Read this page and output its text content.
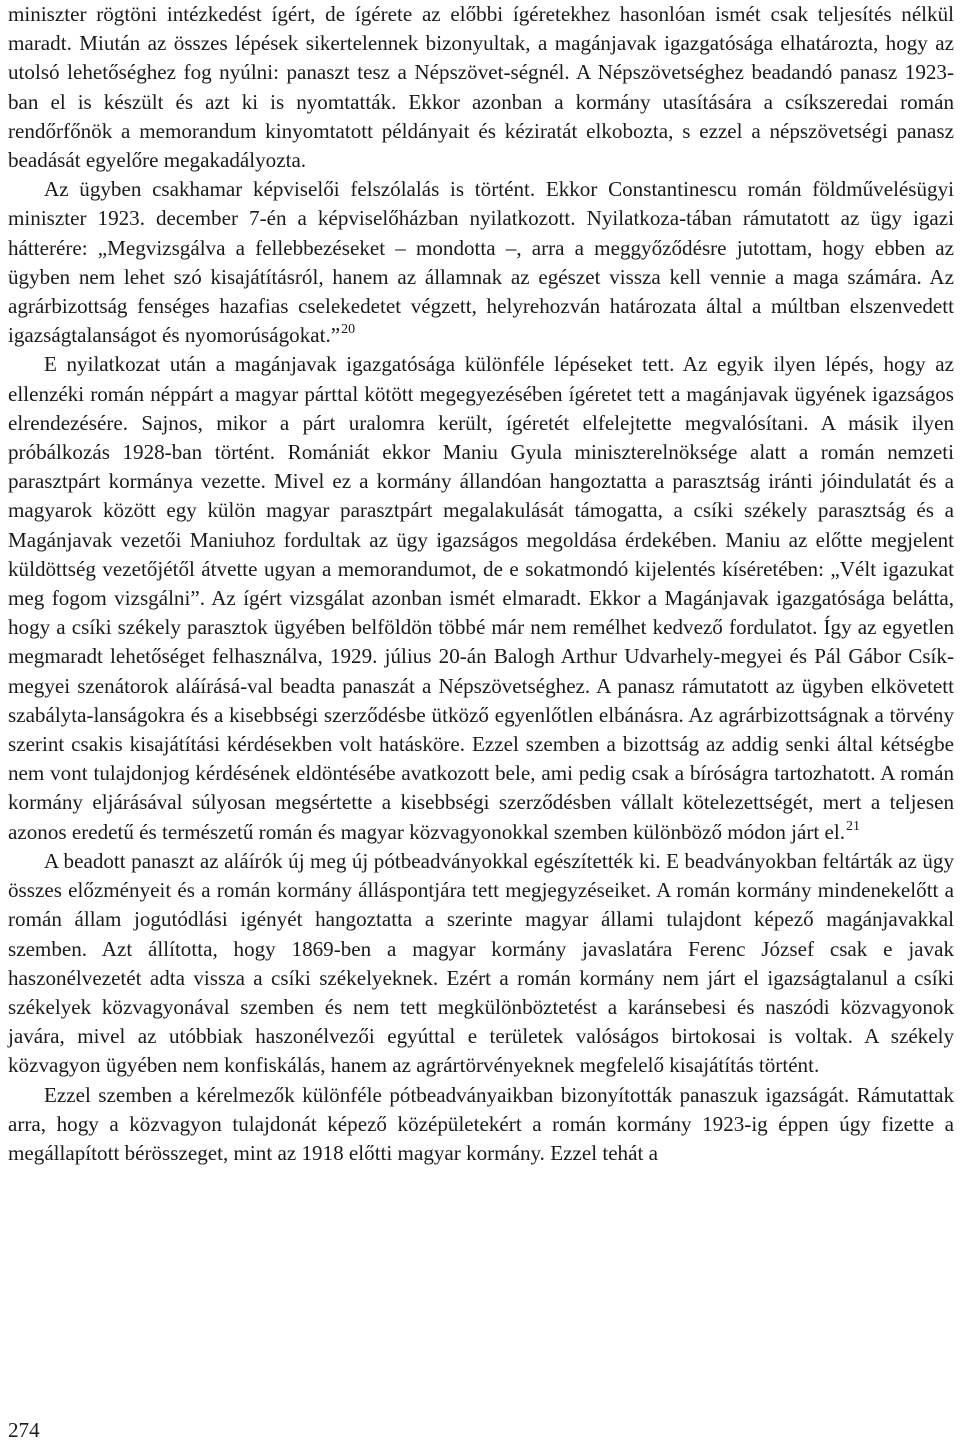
miniszter rögtöni intézkedést ígért, de ígérete az előbbi ígéretekhez hasonlóan ismét csak teljesítés nélkül maradt. Miután az összes lépések sikertelennek bizonyultak, a magánjavak igazgatósága elhatározta, hogy az utolsó lehetőséghez fog nyúlni: panaszt tesz a Népszövet-ségnél. A Népszövetséghez beadandó panasz 1923-ban el is készült és azt ki is nyomtatták. Ekkor azonban a kormány utasítására a csíkszeredai román rendőrfőnök a memorandum kinyomtatott példányait és kéziratát elkobozta, s ezzel a népszövetségi panasz beadását egyelőre megakadályozta.

Az ügyben csakhamar képviselői felszólalás is történt. Ekkor Constantinescu román földművelésügyi miniszter 1923. december 7-én a képviselőházban nyilatkozott. Nyilatkoza-tában rámutatott az ügy igazi hátterére: „Megvizsgálva a fellebbezéseket – mondotta –, arra a meggyőződésre jutottam, hogy ebben az ügyben nem lehet szó kisajátításról, hanem az államnak az egészet vissza kell vennie a maga számára. Az agrárbizottság fenséges hazafias cselekedetet végzett, helyrehozván határozata által a múltban elszenvedett igazságtalanságot és nyomorúságokat.”$^{20}$

E nyilatkozat után a magánjavak igazgatósága különféle lépéseket tett. Az egyik ilyen lépés, hogy az ellenzéki román néppárt a magyar párttal kötött megegyezésében ígéretet tett a magánjavak ügyének igazságos elrendezésére. Sajnos, mikor a párt uralomra került, ígéretét elfelejtette megvalósítani. A másik ilyen próbálkozás 1928-ban történt. Romániát ekkor Maniu Gyula miniszterelnöksége alatt a román nemzeti parasztpárt kormánya vezette. Mivel ez a kormány állandóan hangoztatta a parasztság iránti jóindulatát és a magyarok között egy külön magyar parasztpárt megalakulását támogatta, a csíki székely parasztság és a Magánjavak vezetői Maniuhoz fordultak az ügy igazságos megoldása érdekében. Maniu az előtte megjelent küldöttség vezetőjétől átvette ugyan a memorandumot, de e sokatmondó kijelentés kíséretében: „Vélt igazukat meg fogom vizsgálni”. Az ígért vizsgálat azonban ismét elmaradt. Ekkor a Magánjavak igazgatósága belátta, hogy a csíki székely parasztok ügyében belföldön többé már nem remélhet kedvező fordulatot. Így az egyetlen megmaradt lehetőséget felhasználva, 1929. július 20-án Balogh Arthur Udvarhely-megyei és Pál Gábor Csík-megyei szenátorok aláírásá-val beadta panaszát a Népszövetséghez. A panasz rámutatott az ügyben elkövetett szabályta-lanságokra és a kisebbségi szerződésbe ütköző egyenlőtlen elbánásra. Az agrárbizottságnak a törvény szerint csakis kisajátítási kérdésekben volt hatásköre. Ezzel szemben a bizottság az addig senki által kétségbe nem vont tulajdonjog kérdésének eldöntésébe avatkozott bele, ami pedig csak a bíróságra tartozhatott. A román kormány eljárásával súlyosan megsértette a kisebbségi szerződésben vállalt kötelezettségét, mert a teljesen azonos eredetű és természetű román és magyar közvagyonokkal szemben különböző módon járt el.$^{21}$

A beadott panaszt az aláírók új meg új pótbeadványokkal egészítették ki. E beadványokban feltárták az ügy összes előzményeit és a román kormány álláspontjára tett megjegyzéseiket. A román kormány mindenekelőtt a román állam jogutódlási igényét hangoztatta a szerinte magyar állami tulajdont képező magánjavakkal szemben. Azt állította, hogy 1869-ben a magyar kormány javaslatára Ferenc József csak e javak haszonélvezetét adta vissza a csíki székelyeknek. Ezért a román kormány nem járt el igazságtalanul a csíki székelyek közvagyonával szemben és nem tett megkülönböztetést a karánsebesi és naszódi közvagyonok javára, mivel az utóbbiak haszonélvezői egyúttal e területek valóságos birtokosai is voltak. A székely közvagyon ügyében nem konfiskálás, hanem az agrártörvényeknek megfelelő kisajátítás történt.

Ezzel szemben a kérelmezők különféle pótbeadványaikban bizonyították panaszuk igazságát. Rámutattak arra, hogy a közvagyon tulajdonát képező középületekért a román kormány 1923-ig éppen úgy fizette a megállapított bérösszeget, mint az 1918 előtti magyar kormány. Ezzel tehát a

274
